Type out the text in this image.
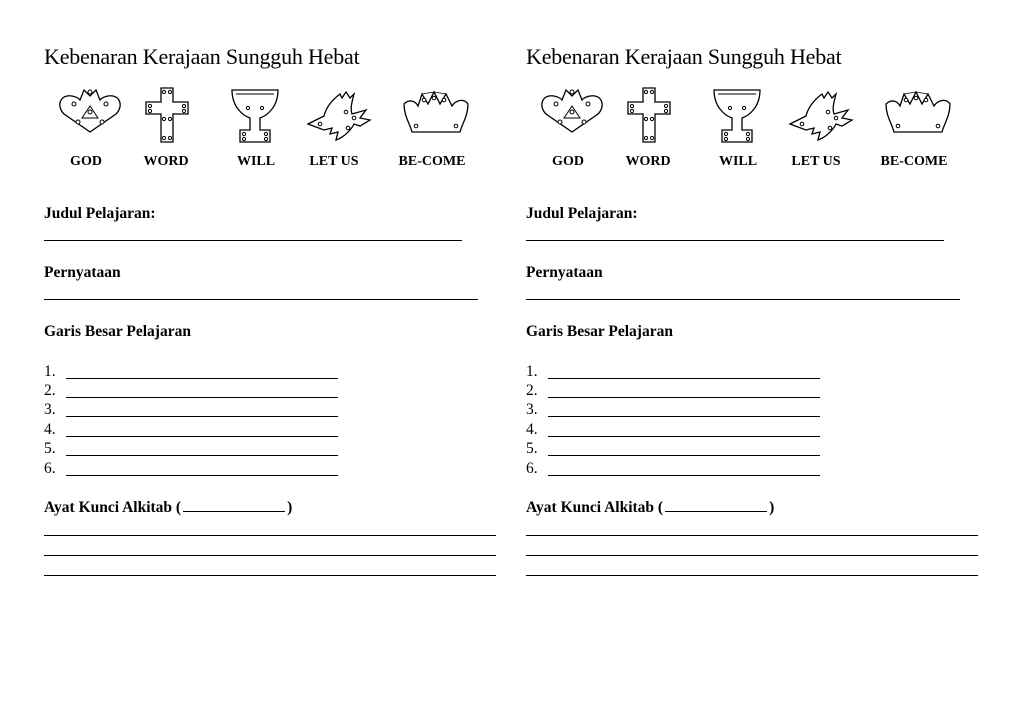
Kebenaran Kerajaan Sungguh Hebat
GOD	WORD	WILL LET US	BE-COME
Judul Pelajaran:
Pernyataan
Garis Besar Pelajaran
1.
2.
3.
4.
5.
6.
Ayat Kunci Alkitab (	)
Kebenaran Kerajaan Sungguh Hebat
GOD	WORD	WILL LET US	BE-COME
Judul Pelajaran:
Pernyataan
Garis Besar Pelajaran
1.
2.
3.
4.
5.
6.
Ayat Kunci Alkitab (	)
